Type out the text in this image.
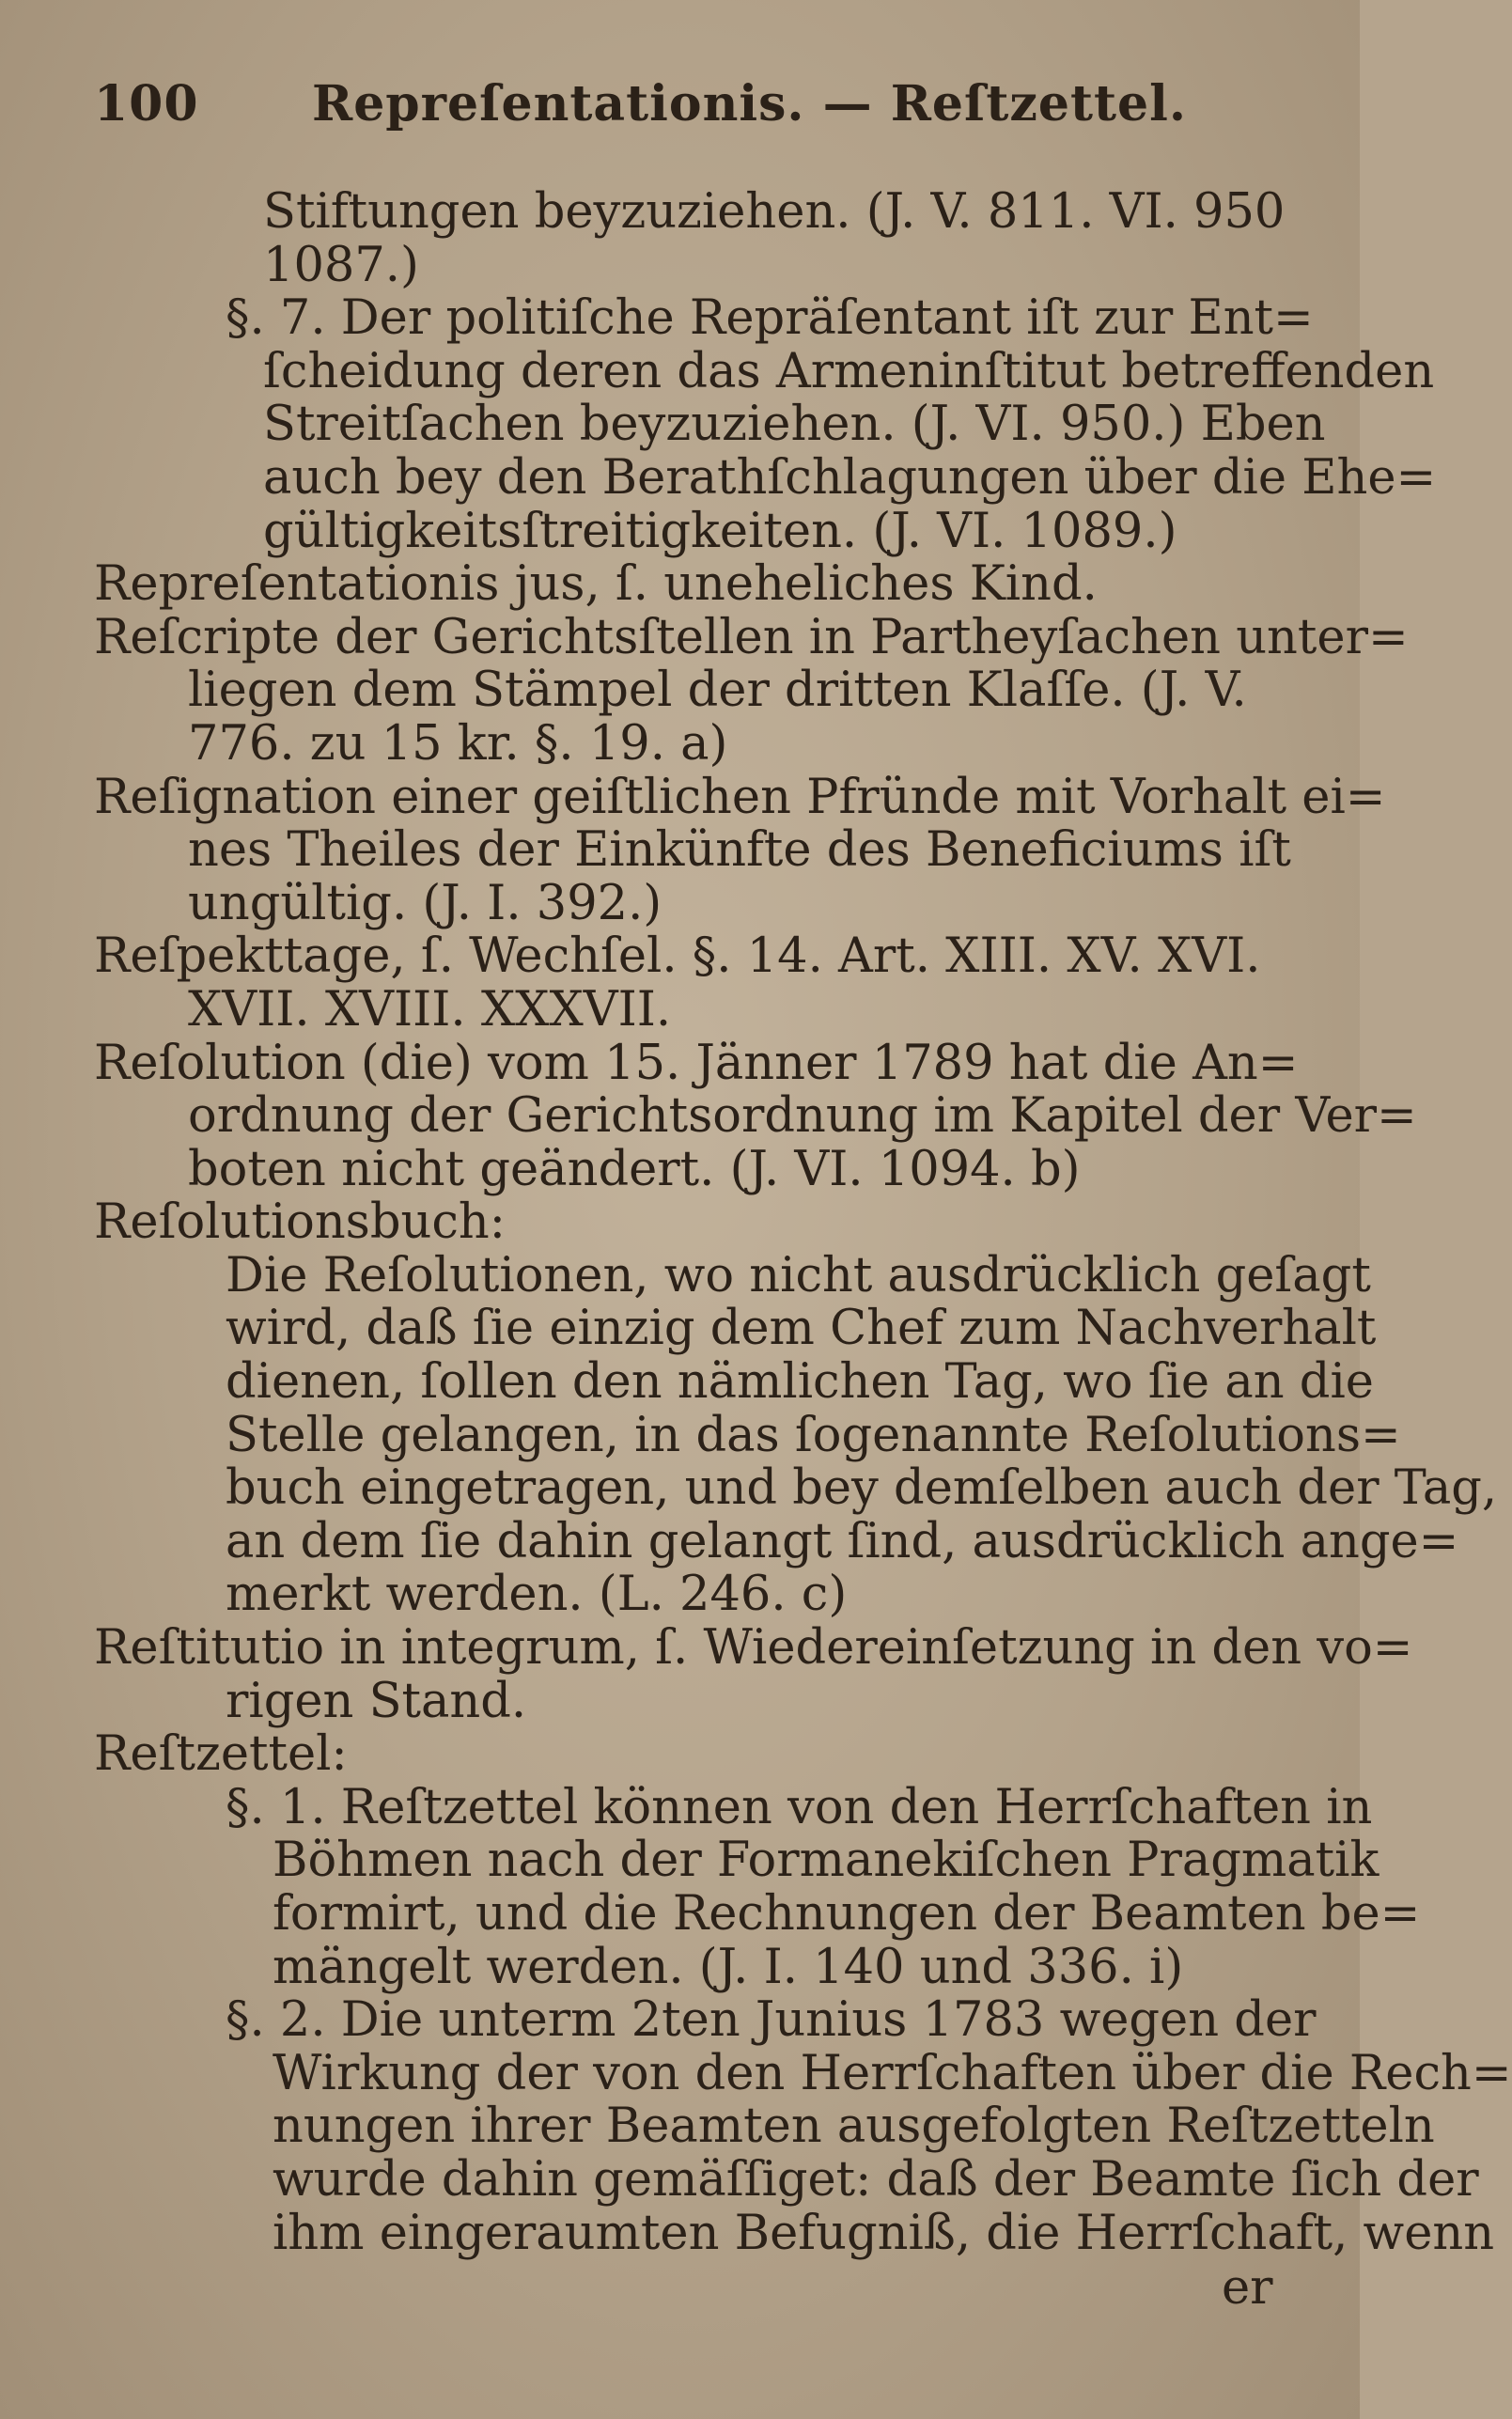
100 Repreſentationis. — Reſtzettel.
Stiftungen beyzuziehen. (J. V. 811. VI. 950
1087.)
§. 7. Der politiſche Repräſentant iſt zur Ent=
ſcheidung deren das Armeninſtitut betreffenden
Streitſachen beyzuziehen. (J. VI. 950.) Eben
auch bey den Berathſchlagungen über die Ehe=
gültigkeitsſtreitigkeiten. (J. VI. 1089.)
Repreſentationis jus, ſ. uneheliches Kind.
Reſcripte der Gerichtsſtellen in Partheyſachen unter=
liegen dem Stämpel der dritten Klaſſe. (J. V.
776. zu 15 kr. §. 19. a)
Reſignation einer geiſtlichen Pfründe mit Vorhalt ei=
nes Theiles der Einkünfte des Beneficiums iſt
ungültig. (J. I. 392.)
Reſpekttage, ſ. Wechſel. §. 14. Art. XIII. XV. XVI.
XVII. XVIII. XXXVII.
Reſolution (die) vom 15. Jänner 1789 hat die An=
ordnung der Gerichtsordnung im Kapitel der Ver=
boten nicht geändert. (J. VI. 1094. b)
Reſolutionsbuch:
Die Reſolutionen, wo nicht ausdrücklich geſagt
wird, daß ſie einzig dem Chef zum Nachverhalt
dienen, ſollen den nämlichen Tag, wo ſie an die
Stelle gelangen, in das ſogenannte Reſolutions=
buch eingetragen, und bey demſelben auch der Tag,
an dem ſie dahin gelangt ſind, ausdrücklich ange=
merkt werden. (L. 246. c)
Reſtitutio in integrum, ſ. Wiedereinſetzung in den vo=
rigen Stand.
Reſtzettel:
§. 1. Reſtzettel können von den Herrſchaften in
Böhmen nach der Formanekiſchen Pragmatik
formirt, und die Rechnungen der Beamten be=
mängelt werden. (J. I. 140 und 336. i)
§. 2. Die unterm 2ten Junius 1783 wegen der
Wirkung der von den Herrſchaften über die Rech=
nungen ihrer Beamten ausgefolgten Reſtzetteln
wurde dahin gemäſſiget: daß der Beamte ſich der
ihm eingeraumten Befugniß, die Herrſchaft, wenn
er
